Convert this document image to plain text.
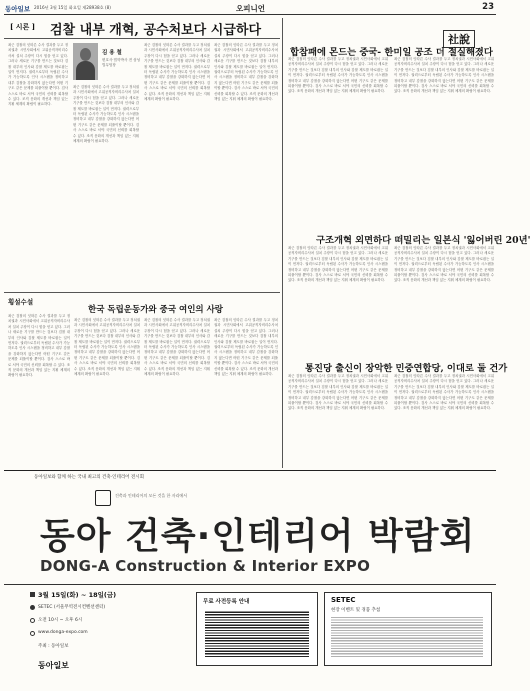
동아일보 2016년 3월 15일 화요일 제28938호 (8)	오피니언	23
[ 시론 ] 검찰 내부 개혁, 공수처보다 시급하다
최근 검찰의 잇따른 수사 결과를 두고 정치권과 시민사회에서 고위공직자비리수사처 설치 주장이 다시 힘을 얻고 있다. 그러나 새로운 기구를 만드는 것보다 검찰 내부의 인사와 감찰 제도를 바로잡는 일이 먼저다. 권력으로부터 독립된 수사가 가능하도록 인사 시스템을 정비하고 내부 감찰을 강화하지 않는다면 어떤 기구도 같은 문제를 되풀이할 뿐이다. 검사 스스로 바로 서야 국민의 신뢰를 회복할 수 있다. 조직 문화의 개선과 책임 있는 지휘 체계의 확립이 필요하다.
김 용 철
변호사·법학박사 전 삼성 법무팀장
최근 검찰의 잇따른 수사 결과를 두고 정치권과 시민사회에서 고위공직자비리수사처 설치 주장이 다시 힘을 얻고 있다. 그러나 새로운 기구를 만드는 것보다 검찰 내부의 인사와 감찰 제도를 바로잡는 일이 먼저다. 권력으로부터 독립된 수사가 가능하도록 인사 시스템을 정비하고 내부 감찰을 강화하지 않는다면 어떤 기구도 같은 문제를 되풀이할 뿐이다. 검사 스스로 바로 서야 국민의 신뢰를 회복할 수 있다. 조직 문화의 개선과 책임 있는 지휘 체계의 확립이 필요하다.
최근 검찰의 잇따른 수사 결과를 두고 정치권과 시민사회에서 고위공직자비리수사처 설치 주장이 다시 힘을 얻고 있다. 그러나 새로운 기구를 만드는 것보다 검찰 내부의 인사와 감찰 제도를 바로잡는 일이 먼저다. 권력으로부터 독립된 수사가 가능하도록 인사 시스템을 정비하고 내부 감찰을 강화하지 않는다면 어떤 기구도 같은 문제를 되풀이할 뿐이다. 검사 스스로 바로 서야 국민의 신뢰를 회복할 수 있다. 조직 문화의 개선과 책임 있는 지휘 체계의 확립이 필요하다.
최근 검찰의 잇따른 수사 결과를 두고 정치권과 시민사회에서 고위공직자비리수사처 설치 주장이 다시 힘을 얻고 있다. 그러나 새로운 기구를 만드는 것보다 검찰 내부의 인사와 감찰 제도를 바로잡는 일이 먼저다. 권력으로부터 독립된 수사가 가능하도록 인사 시스템을 정비하고 내부 감찰을 강화하지 않는다면 어떤 기구도 같은 문제를 되풀이할 뿐이다. 검사 스스로 바로 서야 국민의 신뢰를 회복할 수 있다. 조직 문화의 개선과 책임 있는 지휘 체계의 확립이 필요하다.
횡설수설
한국 독립운동가와 중국 여인의 사랑
최근 검찰의 잇따른 수사 결과를 두고 정치권과 시민사회에서 고위공직자비리수사처 설치 주장이 다시 힘을 얻고 있다. 그러나 새로운 기구를 만드는 것보다 검찰 내부의 인사와 감찰 제도를 바로잡는 일이 먼저다. 권력으로부터 독립된 수사가 가능하도록 인사 시스템을 정비하고 내부 감찰을 강화하지 않는다면 어떤 기구도 같은 문제를 되풀이할 뿐이다. 검사 스스로 바로 서야 국민의 신뢰를 회복할 수 있다. 조직 문화의 개선과 책임 있는 지휘 체계의 확립이 필요하다.
최근 검찰의 잇따른 수사 결과를 두고 정치권과 시민사회에서 고위공직자비리수사처 설치 주장이 다시 힘을 얻고 있다. 그러나 새로운 기구를 만드는 것보다 검찰 내부의 인사와 감찰 제도를 바로잡는 일이 먼저다. 권력으로부터 독립된 수사가 가능하도록 인사 시스템을 정비하고 내부 감찰을 강화하지 않는다면 어떤 기구도 같은 문제를 되풀이할 뿐이다. 검사 스스로 바로 서야 국민의 신뢰를 회복할 수 있다. 조직 문화의 개선과 책임 있는 지휘 체계의 확립이 필요하다.
최근 검찰의 잇따른 수사 결과를 두고 정치권과 시민사회에서 고위공직자비리수사처 설치 주장이 다시 힘을 얻고 있다. 그러나 새로운 기구를 만드는 것보다 검찰 내부의 인사와 감찰 제도를 바로잡는 일이 먼저다. 권력으로부터 독립된 수사가 가능하도록 인사 시스템을 정비하고 내부 감찰을 강화하지 않는다면 어떤 기구도 같은 문제를 되풀이할 뿐이다. 검사 스스로 바로 서야 국민의 신뢰를 회복할 수 있다. 조직 문화의 개선과 책임 있는 지휘 체계의 확립이 필요하다.
최근 검찰의 잇따른 수사 결과를 두고 정치권과 시민사회에서 고위공직자비리수사처 설치 주장이 다시 힘을 얻고 있다. 그러나 새로운 기구를 만드는 것보다 검찰 내부의 인사와 감찰 제도를 바로잡는 일이 먼저다. 권력으로부터 독립된 수사가 가능하도록 인사 시스템을 정비하고 내부 감찰을 강화하지 않는다면 어떤 기구도 같은 문제를 되풀이할 뿐이다. 검사 스스로 바로 서야 국민의 신뢰를 회복할 수 있다. 조직 문화의 개선과 책임 있는 지휘 체계의 확립이 필요하다.
社說
합참패에 몬드는 중국- 한미일 공조 더 절실해졌다
최근 검찰의 잇따른 수사 결과를 두고 정치권과 시민사회에서 고위공직자비리수사처 설치 주장이 다시 힘을 얻고 있다. 그러나 새로운 기구를 만드는 것보다 검찰 내부의 인사와 감찰 제도를 바로잡는 일이 먼저다. 권력으로부터 독립된 수사가 가능하도록 인사 시스템을 정비하고 내부 감찰을 강화하지 않는다면 어떤 기구도 같은 문제를 되풀이할 뿐이다. 검사 스스로 바로 서야 국민의 신뢰를 회복할 수 있다. 조직 문화의 개선과 책임 있는 지휘 체계의 확립이 필요하다.
최근 검찰의 잇따른 수사 결과를 두고 정치권과 시민사회에서 고위공직자비리수사처 설치 주장이 다시 힘을 얻고 있다. 그러나 새로운 기구를 만드는 것보다 검찰 내부의 인사와 감찰 제도를 바로잡는 일이 먼저다. 권력으로부터 독립된 수사가 가능하도록 인사 시스템을 정비하고 내부 감찰을 강화하지 않는다면 어떤 기구도 같은 문제를 되풀이할 뿐이다. 검사 스스로 바로 서야 국민의 신뢰를 회복할 수 있다. 조직 문화의 개선과 책임 있는 지휘 체계의 확립이 필요하다.
구조개혁 외면하다 떠밀리는 일본식 '잃어버린 20년'
최근 검찰의 잇따른 수사 결과를 두고 정치권과 시민사회에서 고위공직자비리수사처 설치 주장이 다시 힘을 얻고 있다. 그러나 새로운 기구를 만드는 것보다 검찰 내부의 인사와 감찰 제도를 바로잡는 일이 먼저다. 권력으로부터 독립된 수사가 가능하도록 인사 시스템을 정비하고 내부 감찰을 강화하지 않는다면 어떤 기구도 같은 문제를 되풀이할 뿐이다. 검사 스스로 바로 서야 국민의 신뢰를 회복할 수 있다. 조직 문화의 개선과 책임 있는 지휘 체계의 확립이 필요하다.
최근 검찰의 잇따른 수사 결과를 두고 정치권과 시민사회에서 고위공직자비리수사처 설치 주장이 다시 힘을 얻고 있다. 그러나 새로운 기구를 만드는 것보다 검찰 내부의 인사와 감찰 제도를 바로잡는 일이 먼저다. 권력으로부터 독립된 수사가 가능하도록 인사 시스템을 정비하고 내부 감찰을 강화하지 않는다면 어떤 기구도 같은 문제를 되풀이할 뿐이다. 검사 스스로 바로 서야 국민의 신뢰를 회복할 수 있다. 조직 문화의 개선과 책임 있는 지휘 체계의 확립이 필요하다.
통진당 출신이 장악한 민중연합당, 이대로 둘 건가
최근 검찰의 잇따른 수사 결과를 두고 정치권과 시민사회에서 고위공직자비리수사처 설치 주장이 다시 힘을 얻고 있다. 그러나 새로운 기구를 만드는 것보다 검찰 내부의 인사와 감찰 제도를 바로잡는 일이 먼저다. 권력으로부터 독립된 수사가 가능하도록 인사 시스템을 정비하고 내부 감찰을 강화하지 않는다면 어떤 기구도 같은 문제를 되풀이할 뿐이다. 검사 스스로 바로 서야 국민의 신뢰를 회복할 수 있다. 조직 문화의 개선과 책임 있는 지휘 체계의 확립이 필요하다.
최근 검찰의 잇따른 수사 결과를 두고 정치권과 시민사회에서 고위공직자비리수사처 설치 주장이 다시 힘을 얻고 있다. 그러나 새로운 기구를 만드는 것보다 검찰 내부의 인사와 감찰 제도를 바로잡는 일이 먼저다. 권력으로부터 독립된 수사가 가능하도록 인사 시스템을 정비하고 내부 감찰을 강화하지 않는다면 어떤 기구도 같은 문제를 되풀이할 뿐이다. 검사 스스로 바로 서야 국민의 신뢰를 회복할 수 있다. 조직 문화의 개선과 책임 있는 지휘 체계의 확립이 필요하다.
동아일보와 함께 하는 국내 최고의 건축·인테리어 전시회
건축과 인테리어의 모든 것을 한 자리에서
동아 건축·인테리어 박람회
DONG-A Construction & Interior EXPO
3월 15일(화) ~ 18일(금)
SETEC (서울무역전시컨벤션센터)
오전 10시 ~ 오후 6시
www.donga-expo.com
주최 : 동아일보
동아일보
무료 사전등록 안내	SETEC
현장 이벤트 및 경품 추첨
